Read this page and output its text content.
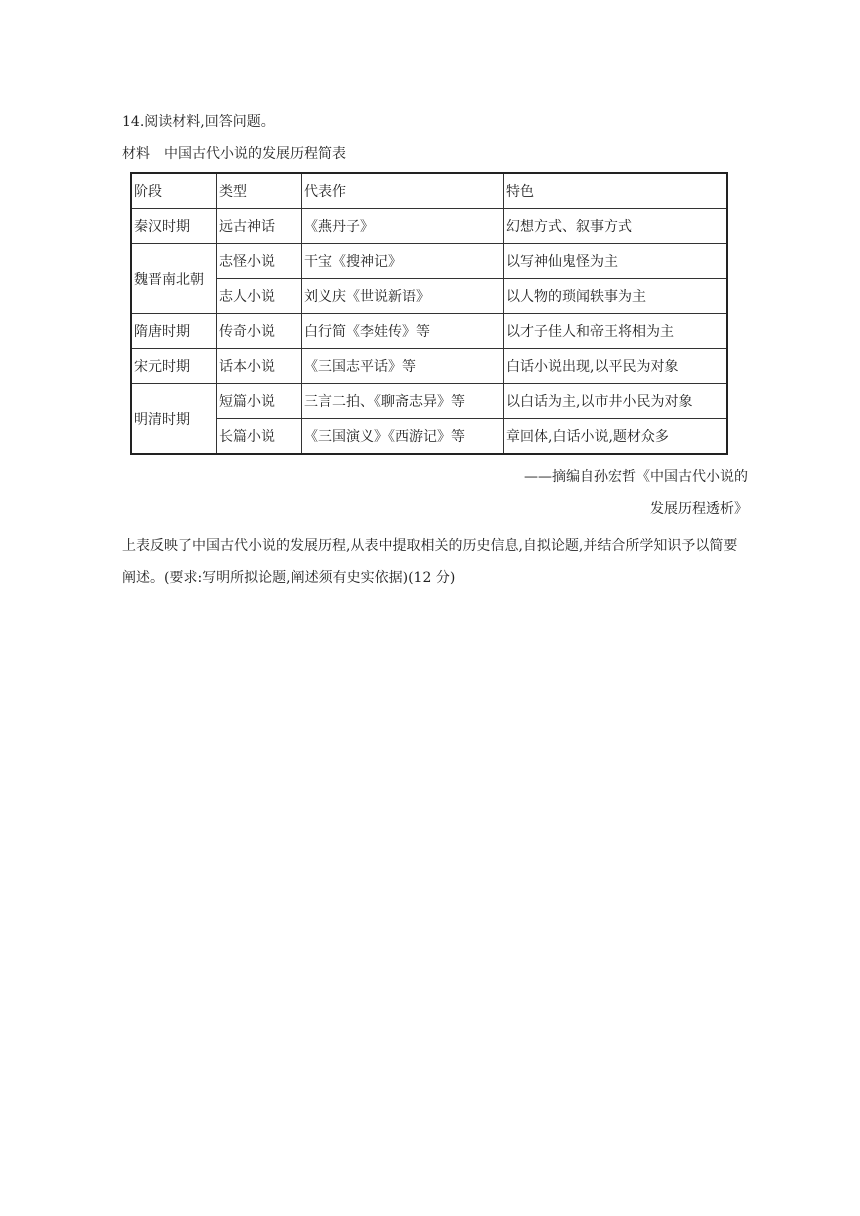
14.阅读材料,回答问题。
材料 中国古代小说的发展历程简表
阶段	类型	代表作	特色
秦汉时期	远古神话	《燕丹子》	幻想方式、叙事方式
魏晋南北朝	志怪小说	干宝《搜神记》	以写神仙鬼怪为主
	志人小说	刘义庆《世说新语》	以人物的琐闻轶事为主
隋唐时期	传奇小说	白行简《李娃传》等	以才子佳人和帝王将相为主
宋元时期	话本小说	《三国志平话》等	白话小说出现,以平民为对象
明清时期	短篇小说	三言二拍、《聊斋志异》等	以白话为主,以市井小民为对象
	长篇小说	《三国演义》《西游记》等	章回体,白话小说,题材众多
——摘编自孙宏哲《中国古代小说的
发展历程透析》
上表反映了中国古代小说的发展历程,从表中提取相关的历史信息,自拟论题,并结合所学知识予以简要阐述。(要求:写明所拟论题,阐述须有史实依据)(12 分)
